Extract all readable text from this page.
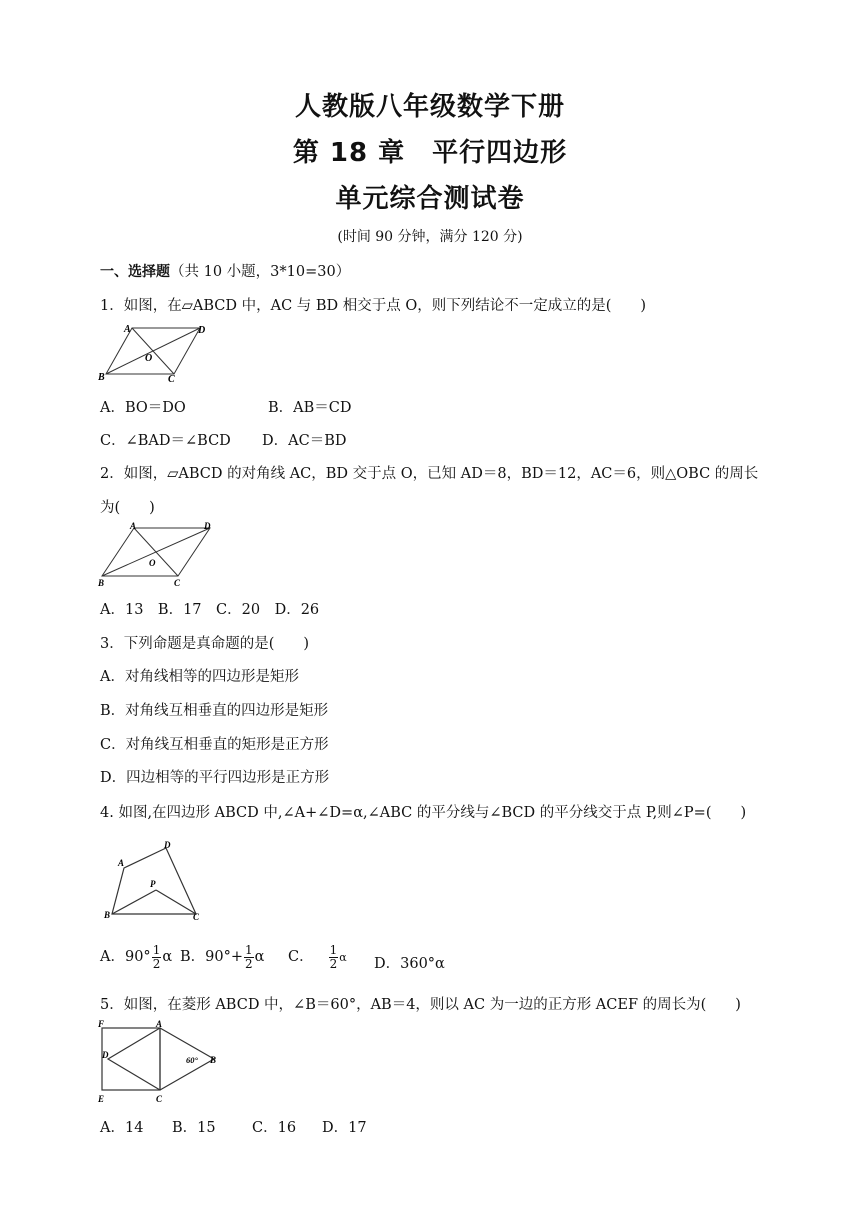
人教版八年级数学下册
第 18 章　平行四边形
单元综合测试卷
(时间 90 分钟，满分 120 分)
一、选择题（共 10 小题，3*10=30）
1．如图，在▱ABCD 中，AC 与 BD 相交于点 O，则下列结论不一定成立的是(　　)
A	D
O
B	C
A．BO＝DO	B．AB＝CD
C．∠BAD＝∠BCD D．AC＝BD
2．如图，▱ABCD 的对角线 AC，BD 交于点 O，已知 AD＝8，BD＝12，AC＝6，则△OBC 的周长
为(　　)
A	D
O
B	C
A．13　B．17　C．20　D．26
3．下列命题是真命题的是(　　)
A．对角线相等的四边形是矩形
B．对角线互相垂直的四边形是矩形
C．对角线互相垂直的矩形是正方形
D．四边相等的平行四边形是正方形
4. 如图,在四边形 ABCD 中,∠A+∠D=α,∠ABC 的平分线与∠BCD 的平分线交于点 P,则∠P=(　　)
A
D
P
B	C
A．$90^\circ \frac{1}{2}$ α B．$90^\circ+ \frac{1}{2}$ α C． $\frac{1}{2}$ α D．360°α
5．如图，在菱形 ABCD 中，∠B＝60°，AB＝4，则以 AC 为一边的正方形 ACEF 的周长为(　　)
F	A
D	60° B
E	C
A．14 B．15	C．16 D．17
